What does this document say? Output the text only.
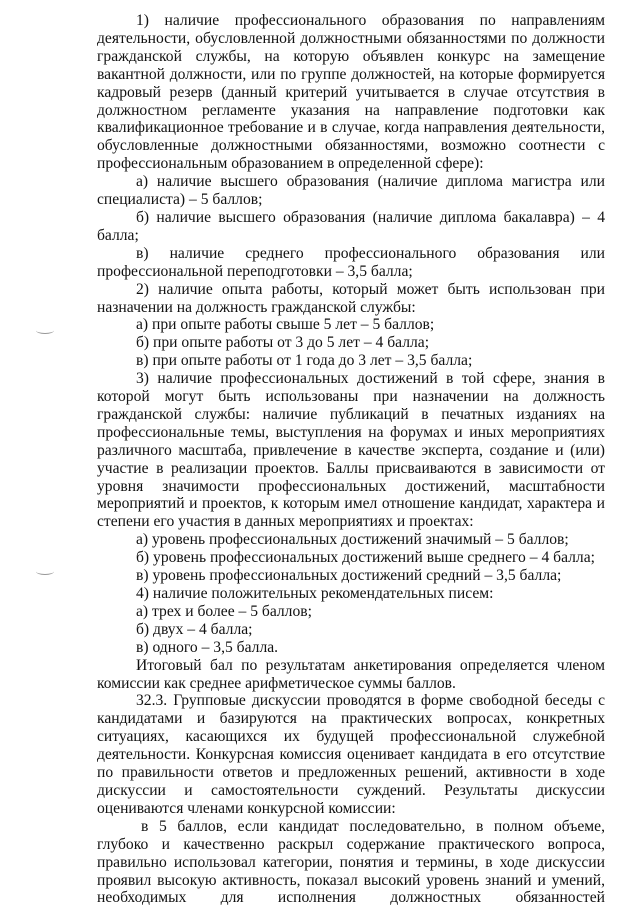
1) наличие профессионального образования по направлениям деятельности, обусловленной должностными обязанностями по должности гражданской службы, на которую объявлен конкурс на замещение вакантной должности, или по группе должностей, на которые формируется кадровый резерв (данный критерий учитывается в случае отсутствия в должностном регламенте указания на направление подготовки как квалификационное требование и в случае, когда направления деятельности, обусловленные должностными обязанностями, возможно соотнести с профессиональным образованием в определенной сфере):

а) наличие высшего образования (наличие диплома магистра или специалиста) – 5 баллов;

б) наличие высшего образования (наличие диплома бакалавра) – 4 балла;

в) наличие среднего профессионального образования или профессиональной переподготовки – 3,5 балла;

2) наличие опыта работы, который может быть использован при назначении на должность гражданской службы:

а) при опыте работы свыше 5 лет – 5 баллов;

б) при опыте работы от 3 до 5 лет – 4 балла;

в) при опыте работы от 1 года до 3 лет – 3,5 балла;

3) наличие профессиональных достижений в той сфере, знания в которой могут быть использованы при назначении на должность гражданской службы: наличие публикаций в печатных изданиях на профессиональные темы, выступления на форумах и иных мероприятиях различного масштаба, привлечение в качестве эксперта, создание и (или) участие в реализации проектов. Баллы присваиваются в зависимости от уровня значимости профессиональных достижений, масштабности мероприятий и проектов, к которым имел отношение кандидат, характера и степени его участия в данных мероприятиях и проектах:

а) уровень профессиональных достижений значимый – 5 баллов;

б) уровень профессиональных достижений выше среднего – 4 балла;

в) уровень профессиональных достижений средний – 3,5 балла;

4) наличие положительных рекомендательных писем:

а) трех и более – 5 баллов;

б) двух – 4 балла;

в) одного – 3,5 балла.

Итоговый бал по результатам анкетирования определяется членом комиссии как среднее арифметическое суммы баллов.

32.3. Групповые дискуссии проводятся в форме свободной беседы с кандидатами и базируются на практических вопросах, конкретных ситуациях, касающихся их будущей профессиональной служебной деятельности. Конкурсная комиссия оценивает кандидата в его отсутствие по правильности ответов и предложенных решений, активности в ходе дискуссии и самостоятельности суждений. Результаты дискуссии оцениваются членами конкурсной комиссии:

в 5 баллов, если кандидат последовательно, в полном объеме, глубоко и качественно раскрыл содержание практического вопроса, правильно использовал категории, понятия и термины, в ходе дискуссии проявил высокую активность, показал высокий уровень знаний и умений, необходимых для исполнения должностных обязанностей
